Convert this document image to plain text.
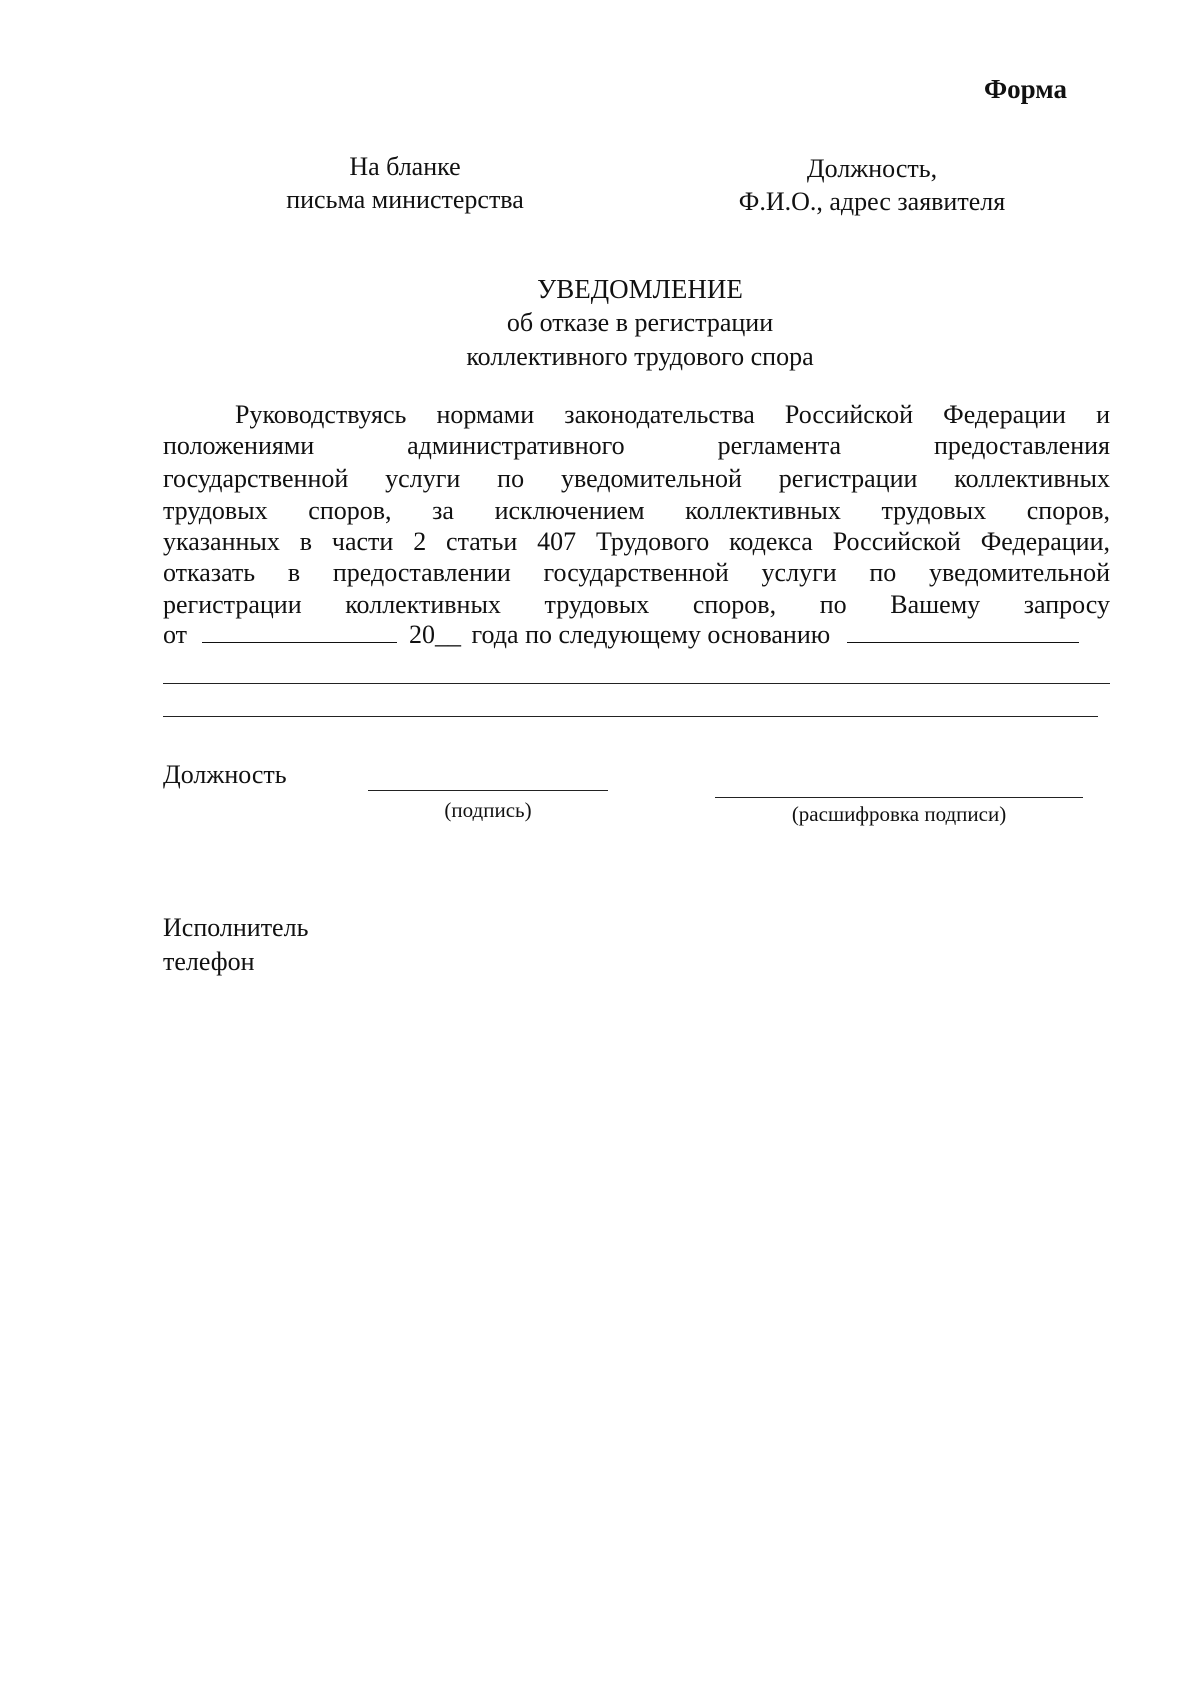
Форма
На бланке
письма министерства
Должность,
Ф.И.О., адрес заявителя
УВЕДОМЛЕНИЕ
об отказе в регистрации
коллективного трудового спора
Руководствуясь нормами законодательства Российской Федерации и
положениями административного регламента предоставления
государственной услуги по уведомительной регистрации коллективных
трудовых споров, за исключением коллективных трудовых споров,
указанных в части 2 статьи 407 Трудового кодекса Российской Федерации,
отказать в предоставлении государственной услуги по уведомительной
регистрации коллективных трудовых споров, по Вашему запросу
от	20__ года по следующему основанию
Должность
(подпись)	(расшифровка подписи)
Исполнитель
телефон
